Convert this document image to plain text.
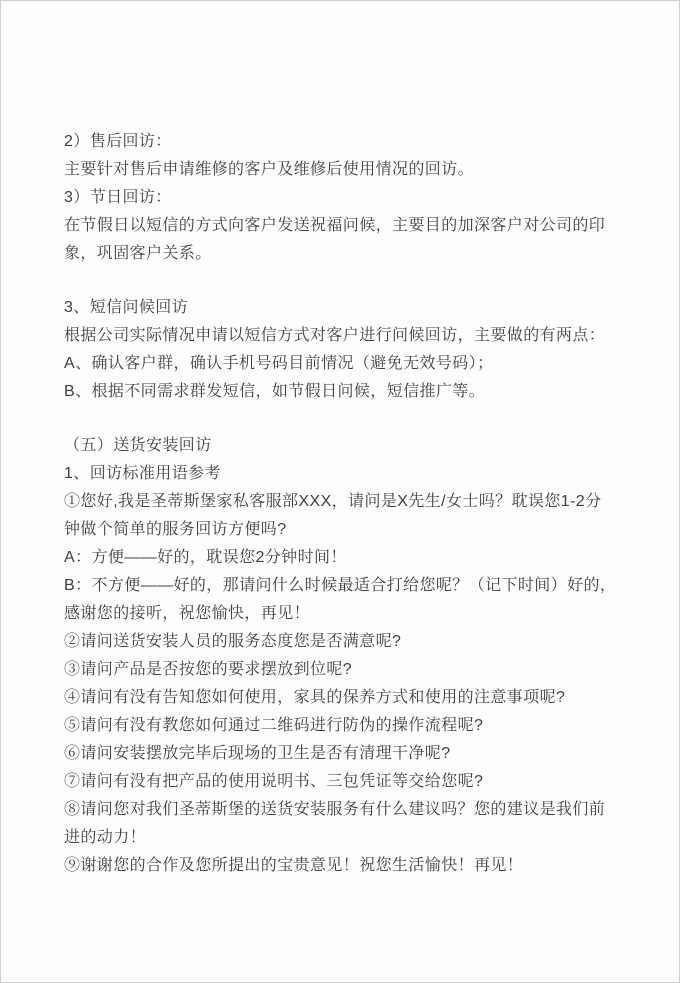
2）售后回访：
主要针对售后申请维修的客户及维修后使用情况的回访。
3）节日回访：
在节假日以短信的方式向客户发送祝福问候，主要目的加深客户对公司的印
象，巩固客户关系。
3、短信问候回访
根据公司实际情况申请以短信方式对客户进行问候回访，主要做的有两点：
A、确认客户群，确认手机号码目前情况（避免无效号码）；
B、根据不同需求群发短信，如节假日问候，短信推广等。
（五）送货安装回访
1、回访标准用语参考
①您好,我是圣蒂斯堡家私客服部XXX，请问是X先生/女士吗？耽误您1-2分
钟做个简单的服务回访方便吗?
A：方便——好的，耽误您2分钟时间！
B：不方便——好的，那请问什么时候最适合打给您呢？（记下时间）好的，
感谢您的接听，祝您愉快，再见！
②请问送货安装人员的服务态度您是否满意呢?
③请问产品是否按您的要求摆放到位呢?
④请问有没有告知您如何使用，家具的保养方式和使用的注意事项呢?
⑤请问有没有教您如何通过二维码进行防伪的操作流程呢?
⑥请问安装摆放完毕后现场的卫生是否有清理干净呢?
⑦请问有没有把产品的使用说明书、三包凭证等交给您呢?
⑧请问您对我们圣蒂斯堡的送货安装服务有什么建议吗？您的建议是我们前
进的动力！
⑨谢谢您的合作及您所提出的宝贵意见！祝您生活愉快！再见！
